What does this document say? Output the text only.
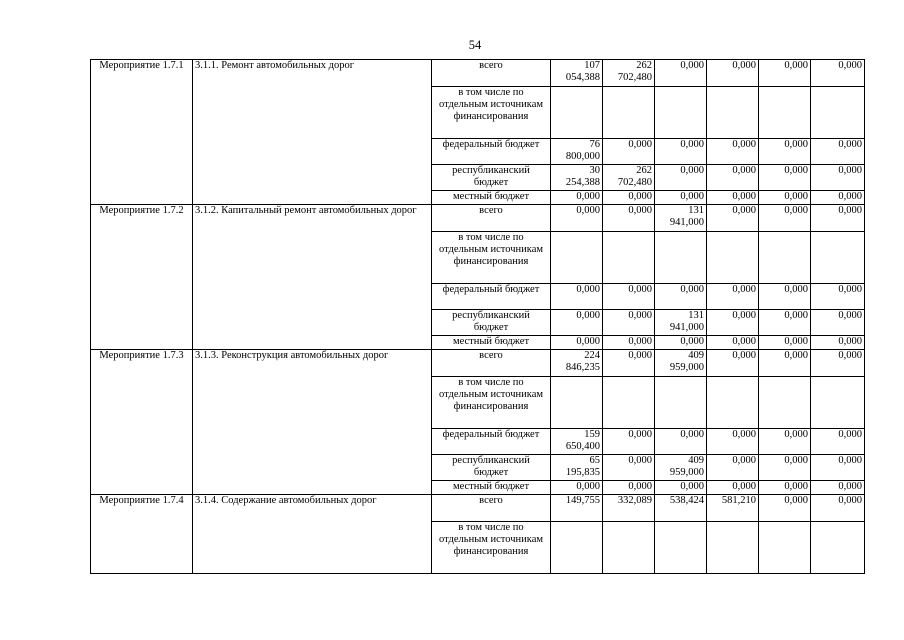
54
Мероприятие 1.7.1	3.1.1. Ремонт автомобильных дорог	всего	107 054,388	262 702,480	0,000	0,000	0,000	0,000
		в том числе по отдельным источникам финансирования						
		федеральный бюджет	76 800,000	0,000	0,000	0,000	0,000	0,000
		республиканский бюджет	30 254,388	262 702,480	0,000	0,000	0,000	0,000
		местный бюджет	0,000	0,000	0,000	0,000	0,000	0,000
Мероприятие 1.7.2	3.1.2. Капитальный ремонт автомобильных дорог	всего	0,000	0,000	131 941,000	0,000	0,000	0,000
		в том числе по отдельным источникам финансирования						
		федеральный бюджет	0,000	0,000	0,000	0,000	0,000	0,000
		республиканский бюджет	0,000	0,000	131 941,000	0,000	0,000	0,000
		местный бюджет	0,000	0,000	0,000	0,000	0,000	0,000
Мероприятие 1.7.3	3.1.3. Реконструкция автомобильных дорог	всего	224 846,235	0,000	409 959,000	0,000	0,000	0,000
		в том числе по отдельным источникам финансирования						
		федеральный бюджет	159 650,400	0,000	0,000	0,000	0,000	0,000
		республиканский бюджет	65 195,835	0,000	409 959,000	0,000	0,000	0,000
		местный бюджет	0,000	0,000	0,000	0,000	0,000	0,000
Мероприятие 1.7.4	3.1.4. Содержание автомобильных дорог	всего	149,755	332,089	538,424	581,210	0,000	0,000
		в том числе по отдельным источникам финансирования						
